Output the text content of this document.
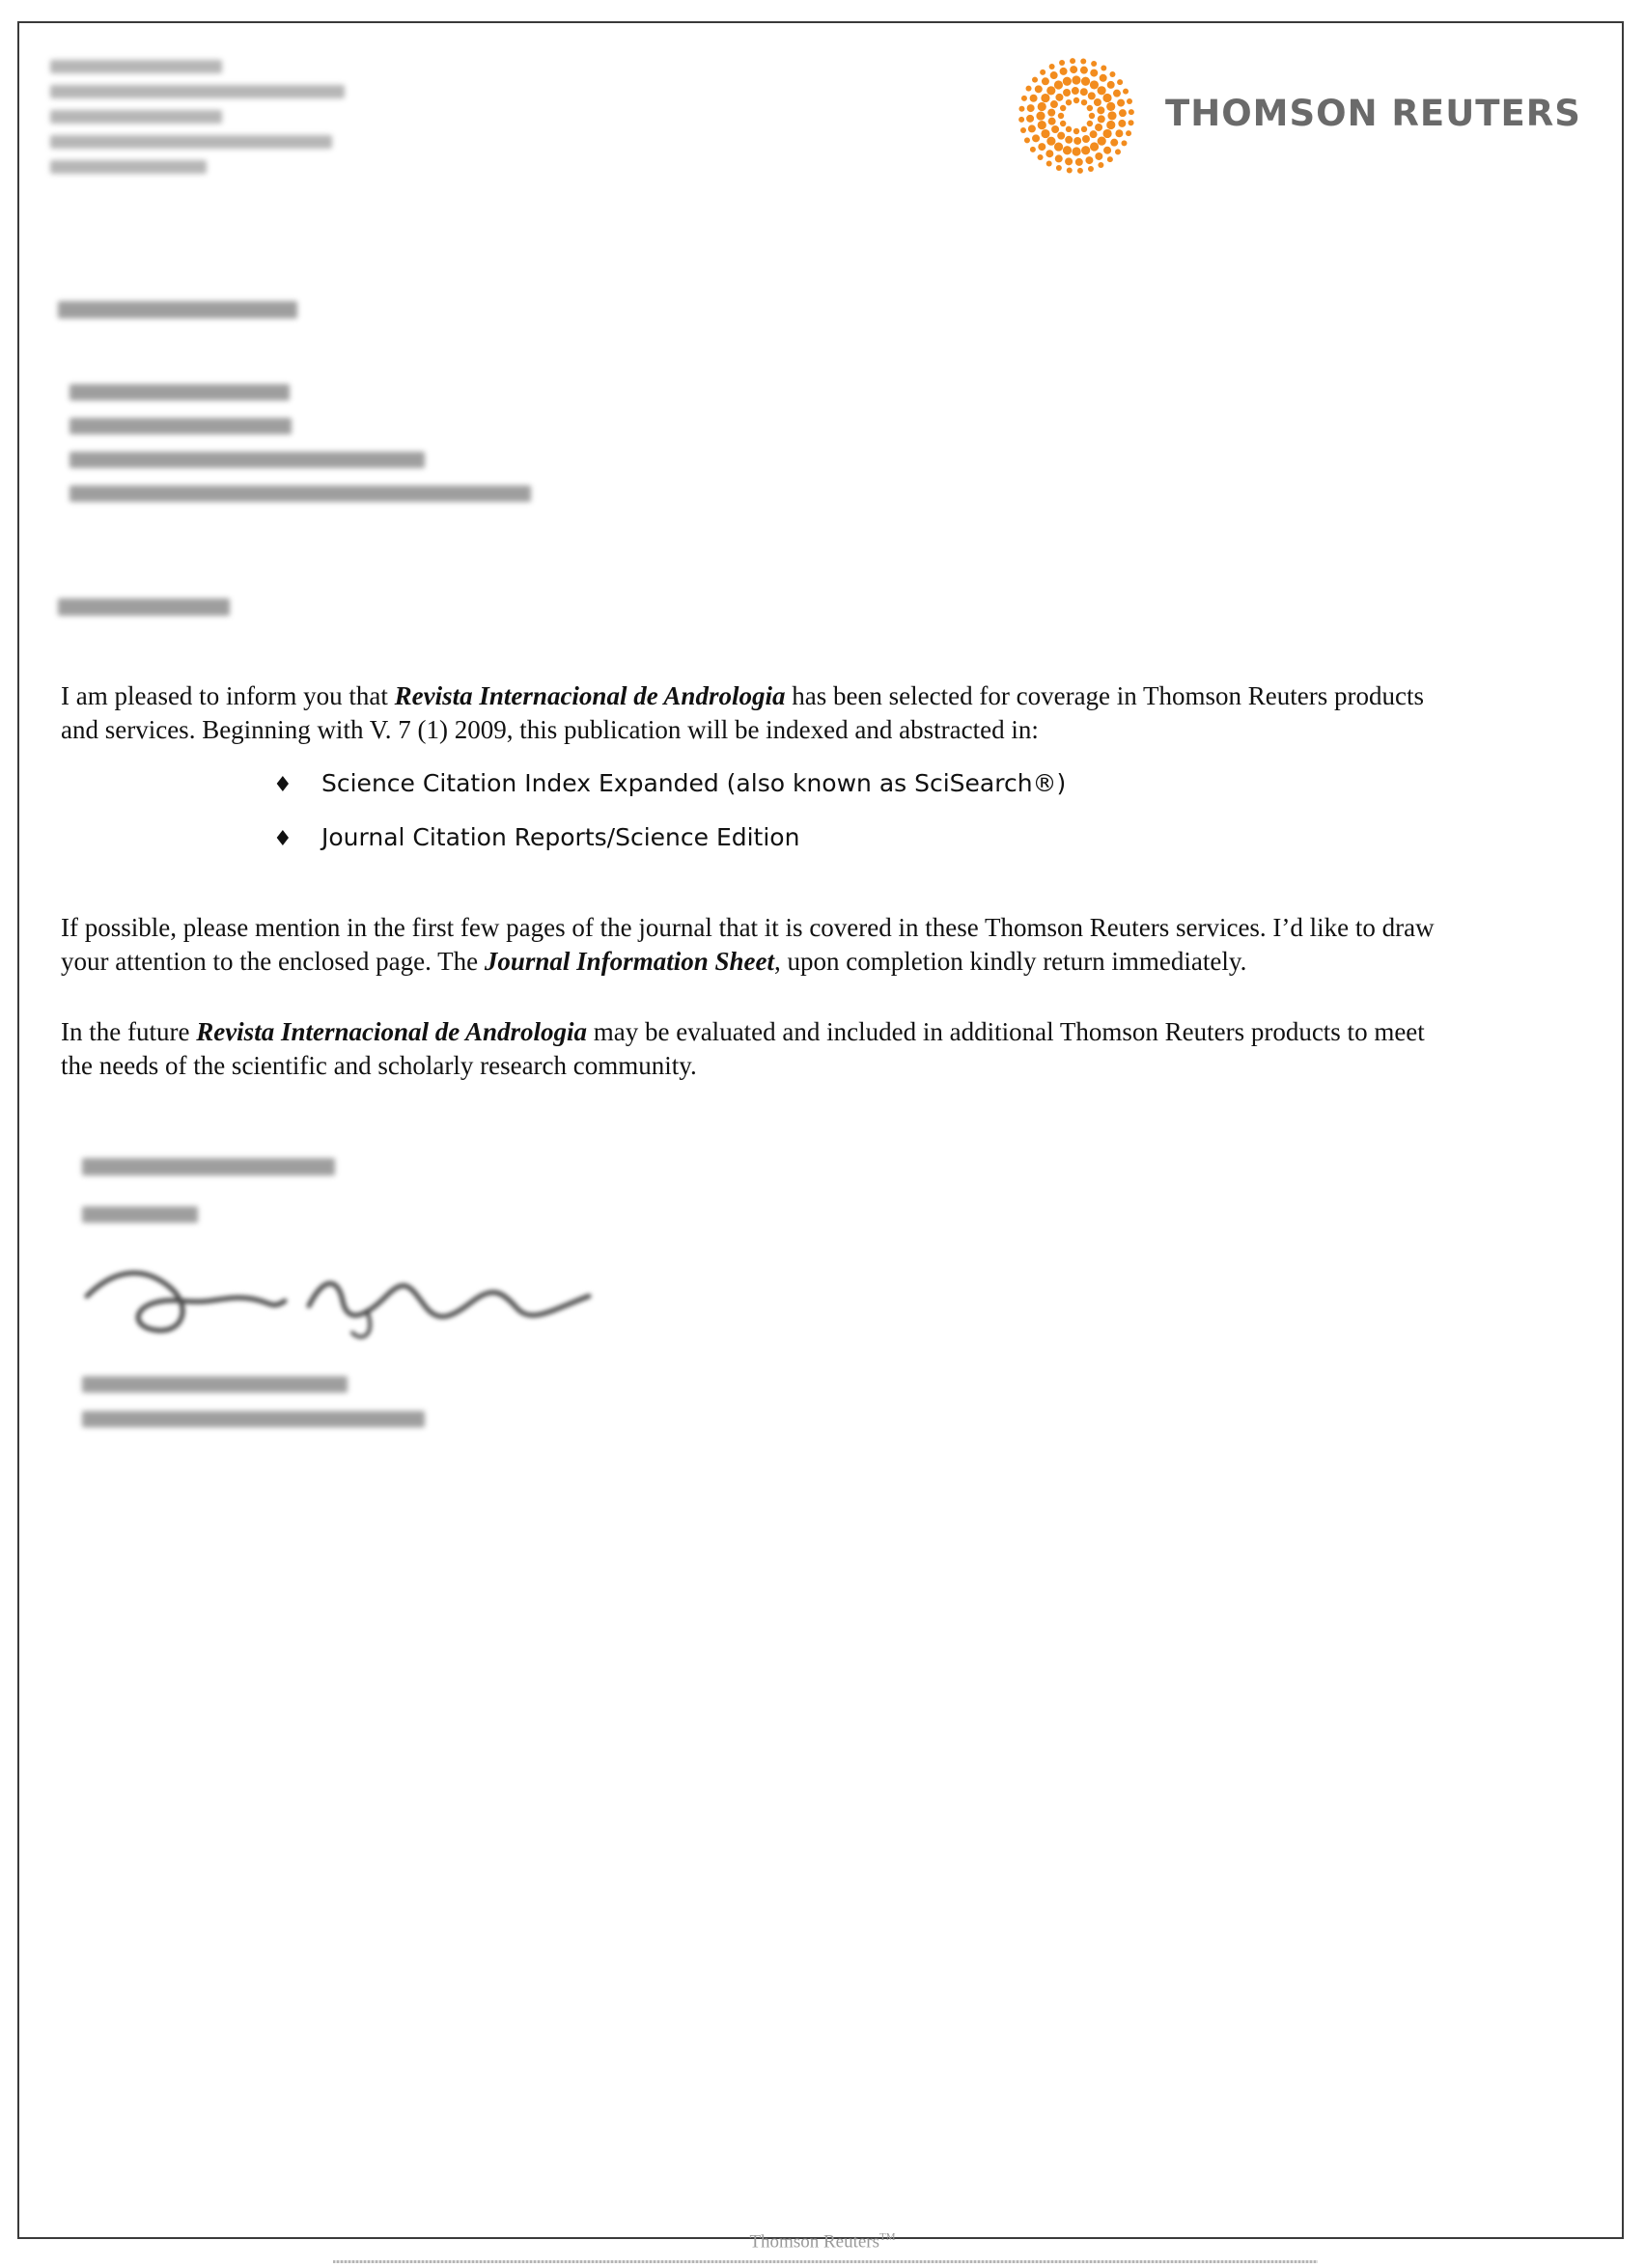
THOMSON REUTERS

I am pleased to inform you that Revista Internacional de Andrologia has been selected for coverage in Thomson Reuters products
and services. Beginning with V. 7 (1) 2009, this publication will be indexed and abstracted in:

♦ Science Citation Index Expanded (also known as SciSearch®)
♦ Journal Citation Reports/Science Edition

If possible, please mention in the first few pages of the journal that it is covered in these Thomson Reuters services. I’d like to draw
your attention to the enclosed page. The Journal Information Sheet, upon completion kindly return immediately.

In the future Revista Internacional de Andrologia may be evaluated and included in additional Thomson Reuters products to meet
the needs of the scientific and scholarly research community.

Thomson Reuters™
